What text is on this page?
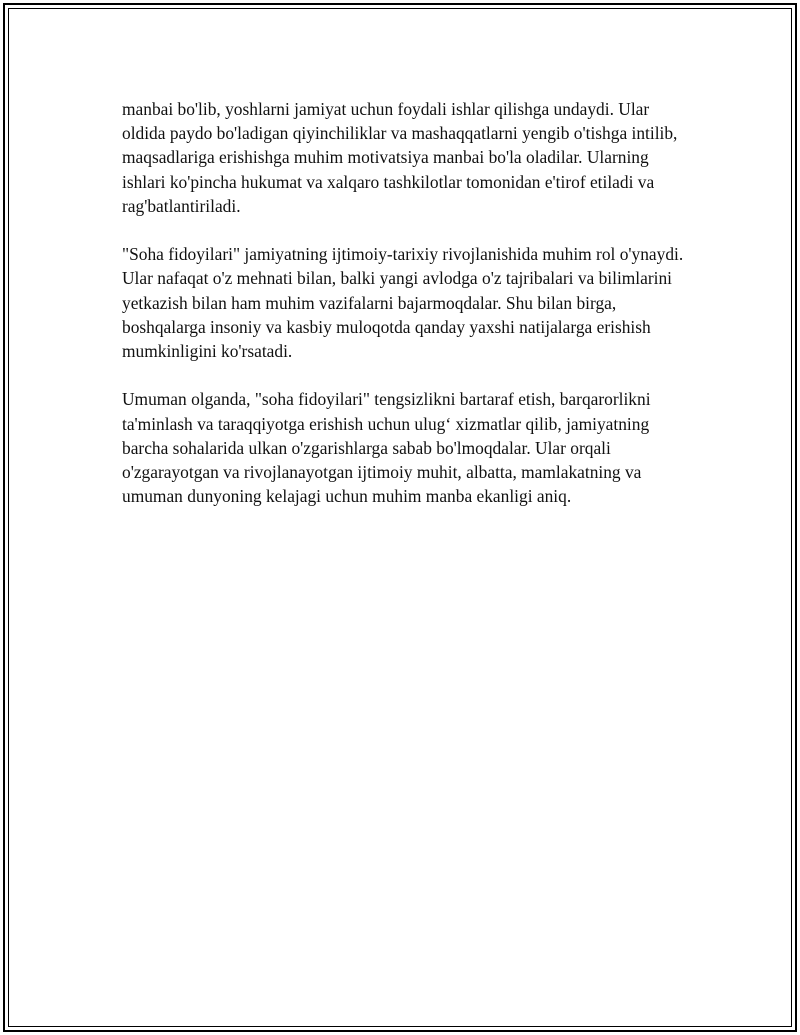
manbai bo'lib, yoshlarni jamiyat uchun foydali ishlar qilishga undaydi. Ular oldida paydo bo'ladigan qiyinchiliklar va mashaqqatlarni yengib o'tishga intilib, maqsadlariga erishishga muhim motivatsiya manbai bo'la oladilar. Ularning ishlari ko'pincha hukumat va xalqaro tashkilotlar tomonidan e'tirof etiladi va rag'batlantiriladi.

"Soha fidoyilari" jamiyatning ijtimoiy-tarixiy rivojlanishida muhim rol o'ynaydi. Ular nafaqat o'z mehnati bilan, balki yangi avlodga o'z tajribalari va bilimlarini yetkazish bilan ham muhim vazifalarni bajarmoqdalar. Shu bilan birga, boshqalarga insoniy va kasbiy muloqotda qanday yaxshi natijalarga erishish mumkinligini ko'rsatadi.

Umuman olganda, "soha fidoyilari" tengsizlikni bartaraf etish, barqarorlikni ta'minlash va taraqqiyotga erishish uchun ulug‘ xizmatlar qilib, jamiyatning barcha sohalarida ulkan o'zgarishlarga sabab bo'lmoqdalar. Ular orqali o'zgarayotgan va rivojlanayotgan ijtimoiy muhit, albatta, mamlakatning va umuman dunyoning kelajagi uchun muhim manba ekanligi aniq.
